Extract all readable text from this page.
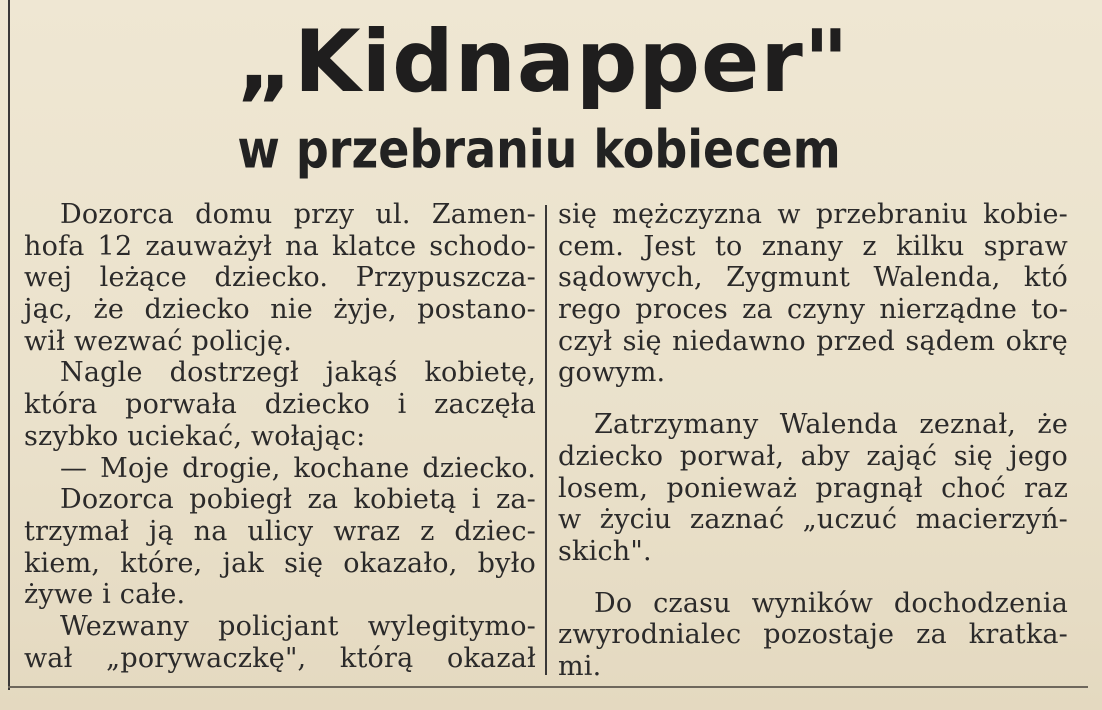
„Kidnapper"
w przebraniu kobiecem
Dozorca domu przy ul. Zamen-
hofa 12 zauważył na klatce schodo-
wej leżące dziecko. Przypuszcza-
jąc, że dziecko nie żyje, postano-
wił wezwać policję.
Nagle dostrzegł jakąś kobietę,
która porwała dziecko i zaczęła
szybko uciekać, wołając:
— Moje drogie, kochane dziecko.
Dozorca pobiegł za kobietą i za-
trzymał ją na ulicy wraz z dziec-
kiem, które, jak się okazało, było
żywe i całe.
Wezwany policjant wylegitymo-
wał „porywaczkę", którą okazał
się mężczyzna w przebraniu kobie-
cem. Jest to znany z kilku spraw
sądowych, Zygmunt Walenda, któ
rego proces za czyny nierządne to-
czył się niedawno przed sądem okrę
gowym.
Zatrzymany Walenda zeznał, że
dziecko porwał, aby zająć się jego
losem, ponieważ pragnął choć raz
w życiu zaznać „uczuć macierzyń-
skich".
Do czasu wyników dochodzenia
zwyrodnialec pozostaje za kratka-
mi.
